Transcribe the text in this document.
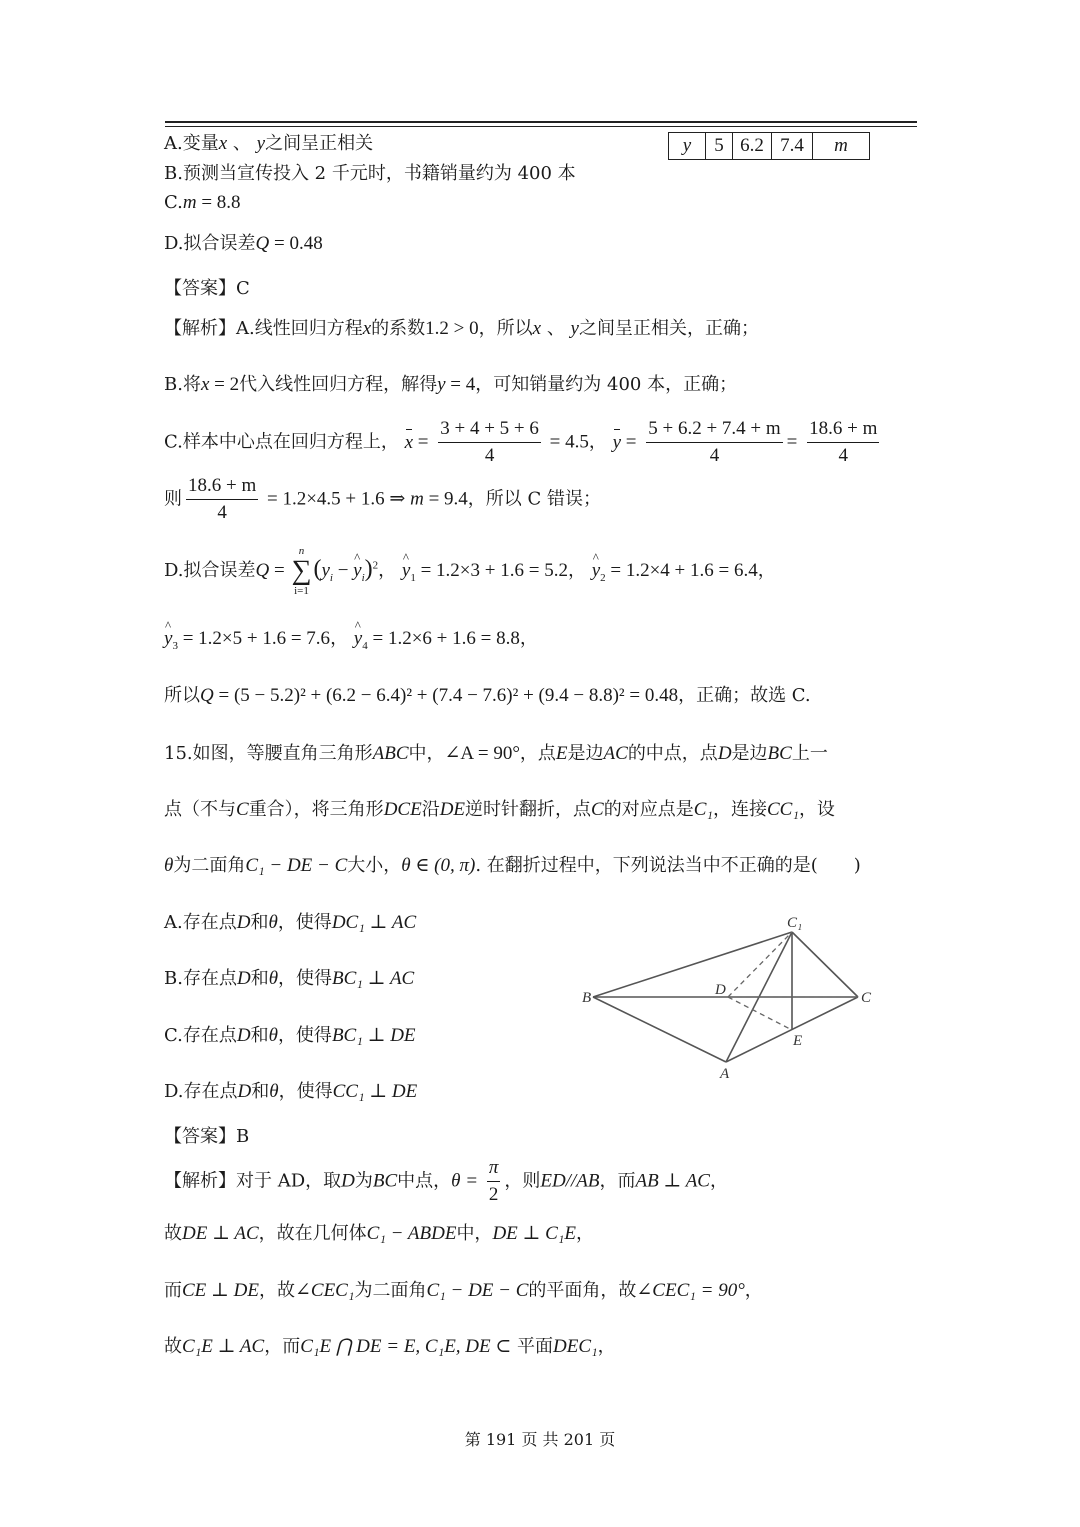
y	5	6.2	7.4	m
A.变量x 、 y之间呈正相关
B.预测当宣传投入 2 千元时，书籍销量约为 400 本
C.m = 8.8
D.拟合误差Q = 0.48
【答案】C
【解析】A.线性回归方程x的系数1.2 > 0，所以x 、 y之间呈正相关，正确；
B.将x = 2代入线性回归方程，解得y = 4，可知销量约为 400 本，正确；
C.样本中心点在回归方程上， $x = \frac{3 + 4 + 5 + 6}{4} = 4.5$， $y = \frac{5 + 6.2 + 7.4 + m}{4} = \frac{18.6 + m}{4}$
则 $\frac{18.6 + m}{4} = 1.2\times 4.5 + 1.6$ ⇒ m = 9.4，所以 C 错误；
D.拟合误差Q =
n
∑
i=1
($y_i$ − ^ $y_i)^2$， ^ $y_1 = 1.2\times 3 + 1.6 = 5.2$， ^ $y_2 = 1.2\times 4 + 1.6 = 6.4$，
^ $y_3 = 1.2\times 5 + 1.6 = 7.6$， ^ $y_4 = 1.2\times 6 + 1.6 = 8.8$，
所以Q = (5 − 5.2)² + (6.2 − 6.4)² + (7.4 − 7.6)² + (9.4 − 8.8)² = 0.48，正确；故选 C.
15.如图，等腰直角三角形ABC中，∠A = 90°，点E是边AC的中点，点D是边BC上一
点（不与C重合），将三角形DCE沿DE逆时针翻折，点C的对应点是C₁，连接CC₁，设
θ为二面角C₁ − DE − C大小，θ ∈ (0, π). 在翻折过程中，下列说法当中不正确的是(　　)
A.存在点D和θ，使得DC₁ ⊥ AC
B.存在点D和θ，使得BC₁ ⊥ AC
C.存在点D和θ，使得BC₁ ⊥ DE
D.存在点D和θ，使得CC₁ ⊥ DE
【答案】B
【解析】对于 AD，取D为BC中点，$\theta = \frac{\pi}{2}$ ，则ED//AB，而AB ⊥ AC，
故DE ⊥ AC，故在几何体C₁ − ABDE中，DE ⊥ C₁E，
而CE ⊥ DE，故∠CEC₁为二面角C₁ − DE − C的平面角，故∠CEC₁ = 90°，
故C₁E ⊥ AC，而C₁E ⋂ DE = E, C₁E, DE ⊂ 平面DEC₁，
C₁
B	D	C
E
A
第 191 页 共 201 页
